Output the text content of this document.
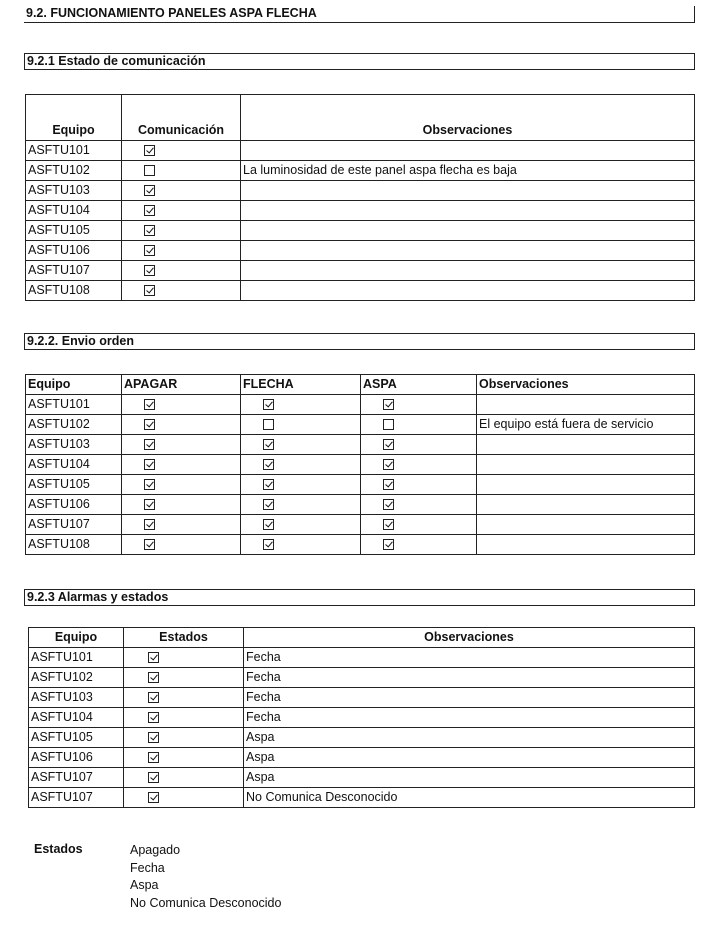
9.2. FUNCIONAMIENTO PANELES ASPA FLECHA
9.2.1 Estado de comunicación

Equipo	Comunicación	Observaciones
ASFTU101	

ASFTU102		La luminosidad de este panel aspa flecha es baja
ASFTU103	

ASFTU104	

ASFTU105	

ASFTU106	

ASFTU107	

ASFTU108	

9.2.2. Envio orden
Equipo	APAGAR	FLECHA	ASPA	Observaciones
ASFTU101	

ASFTU102				El equipo está fuera de servicio
ASFTU103	

ASFTU104	

ASFTU105	

ASFTU106	

ASFTU107	

ASFTU108	

9.2.3 Alarmas y estados
Equipo	Estados	Observaciones
ASFTU101		Fecha
ASFTU102		Fecha
ASFTU103		Fecha
ASFTU104		Fecha
ASFTU105		Aspa
ASFTU106		Aspa
ASFTU107		Aspa
ASFTU107		No Comunica Desconocido
Estados	Apagado
Fecha
Aspa
No Comunica Desconocido
